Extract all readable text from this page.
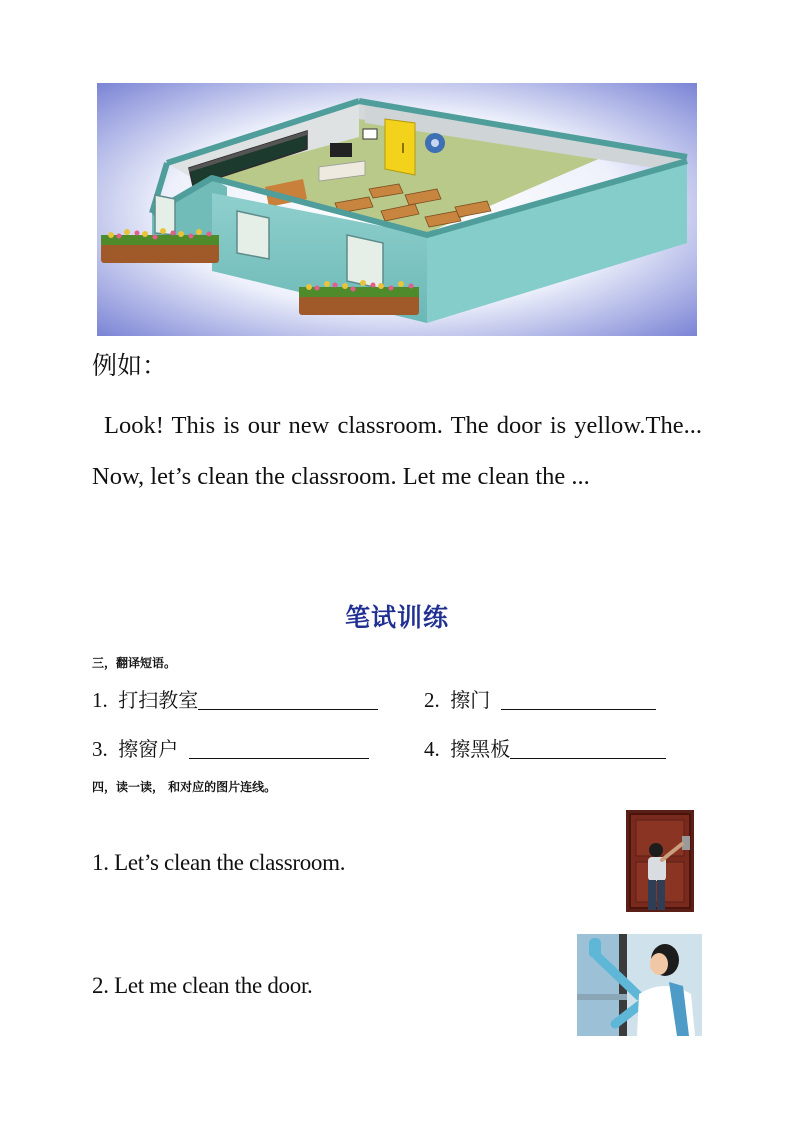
例如：
Look! This is our new classroom. The door is yellow.The... Now, let’s clean the classroom. Let me clean the ...
笔试训练
三，翻译短语。
1. 打扫教室	2. 擦门
3. 擦窗户	4. 擦黑板
四，读一读， 和对应的图片连线。
1. Let’s clean the classroom.
2. Let me clean the door.
